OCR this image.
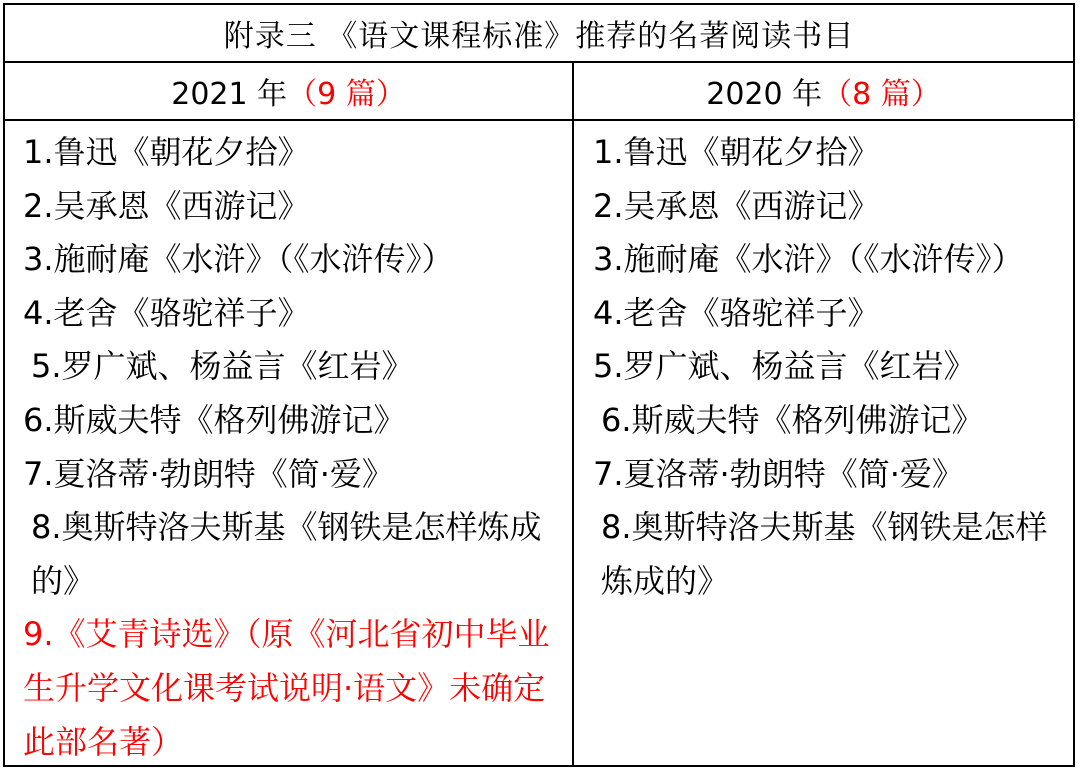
附录三 《语文课程标准》推荐的名著阅读书目
2021 年 （9 篇）	2020 年 （8 篇）
1.鲁迅《朝花夕拾》
2.吴承恩《西游记》
3.施耐庵《水浒》（《水浒传》）
4.老舍《骆驼祥子》
5.罗广斌、杨益言《红岩》
6.斯威夫特《格列佛游记》
7.夏洛蒂·勃朗特《简·爱》
8.奥斯特洛夫斯基《钢铁是怎样炼成的》
9.《艾青诗选》（原《河北省初中毕业生升学文化课考试说明·语文》未确定此部名著）
1.鲁迅《朝花夕拾》
2.吴承恩《西游记》
3.施耐庵《水浒》（《水浒传》）
4.老舍《骆驼祥子》
5.罗广斌、杨益言《红岩》
6.斯威夫特《格列佛游记》
7.夏洛蒂·勃朗特《简·爱》
8.奥斯特洛夫斯基《钢铁是怎样炼成的》
